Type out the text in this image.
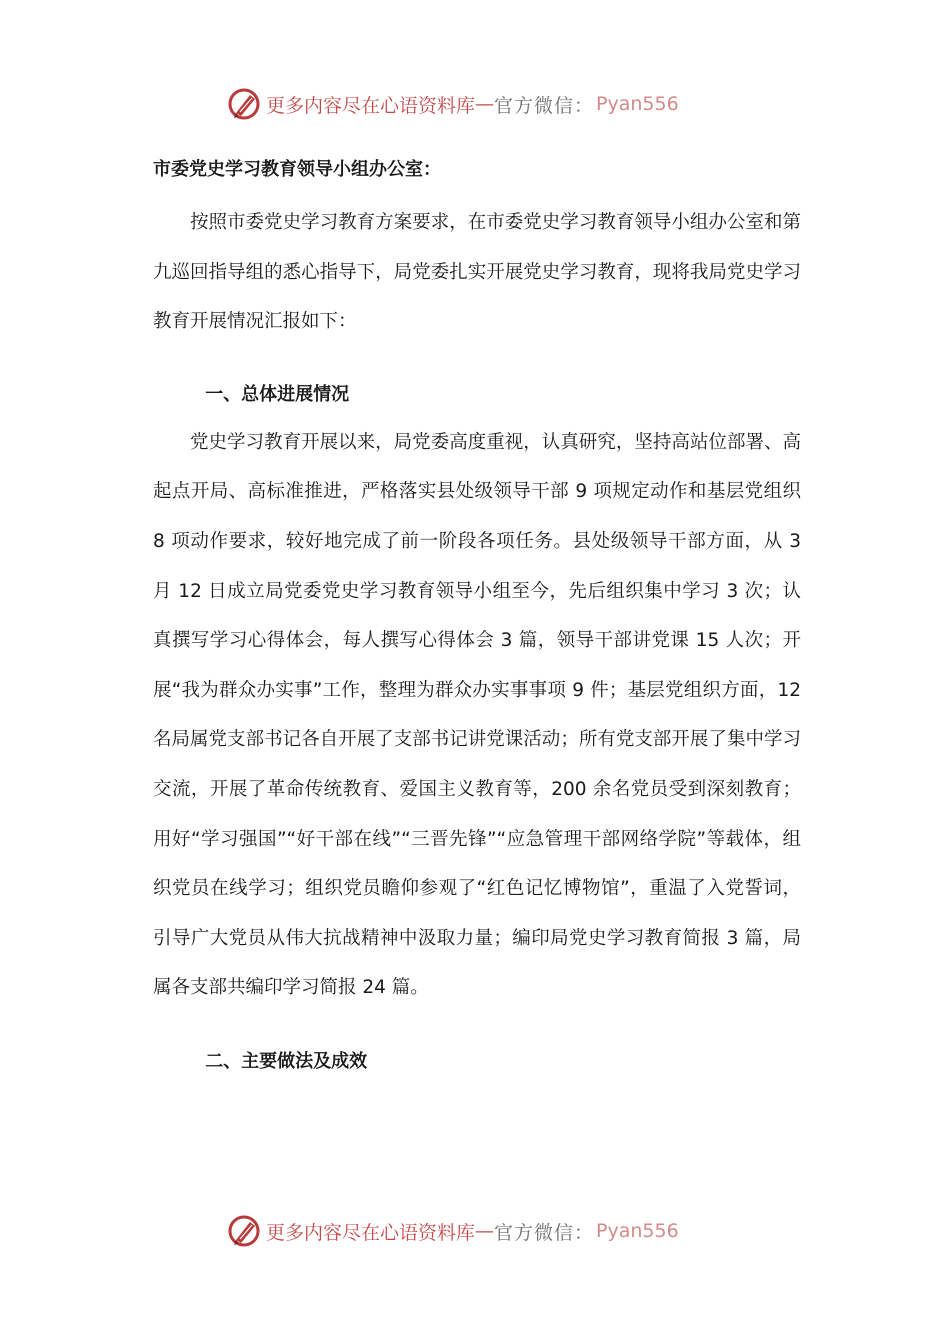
更多内容尽在心语资料库 — 官方微信： Pyan556

市委党史学习教育领导小组办公室：

按照市委党史学习教育方案要求，在市委党史学习教育领导小组办公室和第九巡回指导组的悉心指导下，局党委扎实开展党史学习教育，现将我局党史学习教育开展情况汇报如下：

一、总体进展情况

党史学习教育开展以来，局党委高度重视，认真研究，坚持高站位部署、高起点开局、高标准推进，严格落实县处级领导干部 9 项规定动作和基层党组织 8 项动作要求，较好地完成了前一阶段各项任务。县处级领导干部方面，从 3 月 12 日成立局党委党史学习教育领导小组至今，先后组织集中学习 3 次；认真撰写学习心得体会，每人撰写心得体会 3 篇，领导干部讲党课 15 人次；开展“我为群众办实事”工作，整理为群众办实事事项 9 件；基层党组织方面，12 名局属党支部书记各自开展了支部书记讲党课活动；所有党支部开展了集中学习交流，开展了革命传统教育、爱国主义教育等，200 余名党员受到深刻教育；用好“学习强国”“好干部在线”“三晋先锋”“应急管理干部网络学院”等载体，组织党员在线学习；组织党员瞻仰参观了“红色记忆博物馆”，重温了入党誓词，引导广大党员从伟大抗战精神中汲取力量；编印局党史学习教育简报 3 篇，局属各支部共编印学习简报 24 篇。

二、主要做法及成效

更多内容尽在心语资料库 — 官方微信： Pyan556
